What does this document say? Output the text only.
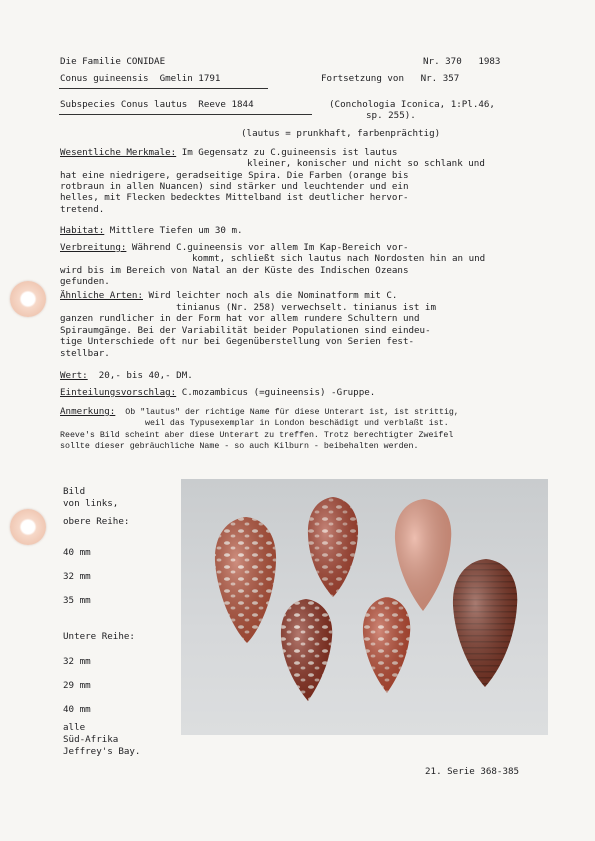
Die Familie CONIDAE	Nr. 370   1983
Conus guineensis  Gmelin 1791	Fortsetzung von   Nr. 357
Subspecies Conus lautus  Reeve 1844	(Conchologia Iconica, 1:Pl.46,
sp. 255).
(lautus = prunkhaft, farbenprächtig)
Wesentliche Merkmale: Im Gegensatz zu C.guineensis ist lautus
kleiner, konischer und nicht so schlank und
hat eine niedrigere, geradseitige Spira. Die Farben (orange bis
rotbraun in allen Nuancen) sind stärker und leuchtender und ein
helles, mit Flecken bedecktes Mittelband ist deutlicher hervor-
tretend.
Habitat: Mittlere Tiefen um 30 m.
Verbreitung: Während C.guineensis vor allem Im Kap-Bereich vor-
kommt, schließt sich lautus nach Nordosten hin an und
wird bis im Bereich von Natal an der Küste des Indischen Ozeans
gefunden.
Ähnliche Arten: Wird leichter noch als die Nominatform mit C.
tinianus (Nr. 258) verwechselt. tinianus ist im
ganzen rundlicher in der Form hat vor allem rundere Schultern und
Spiraumgänge. Bei der Variabilität beider Populationen sind eindeu-
tige Unterschiede oft nur bei Gegenüberstellung von Serien fest-
stellbar.
Wert:  20,- bis 40,- DM.
Einteilungsvorschlag: C.mozambicus (=guineensis) -Gruppe.
Anmerkung:  Ob "lautus" der richtige Name für diese Unterart ist, ist strittig,
weil das Typusexemplar in London beschädigt und verblaßt ist.
Reeve's Bild scheint aber diese Unterart zu treffen. Trotz berechtigter Zweifel
sollte dieser gebräuchliche Name - so auch Kilburn - beibehalten werden.
Bild
von links,
obere Reihe:
40 mm
32 mm
35 mm
Untere Reihe:
32 mm
29 mm
40 mm
alle
Süd-Afrika
Jeffrey's Bay.
21. Serie 368-385
